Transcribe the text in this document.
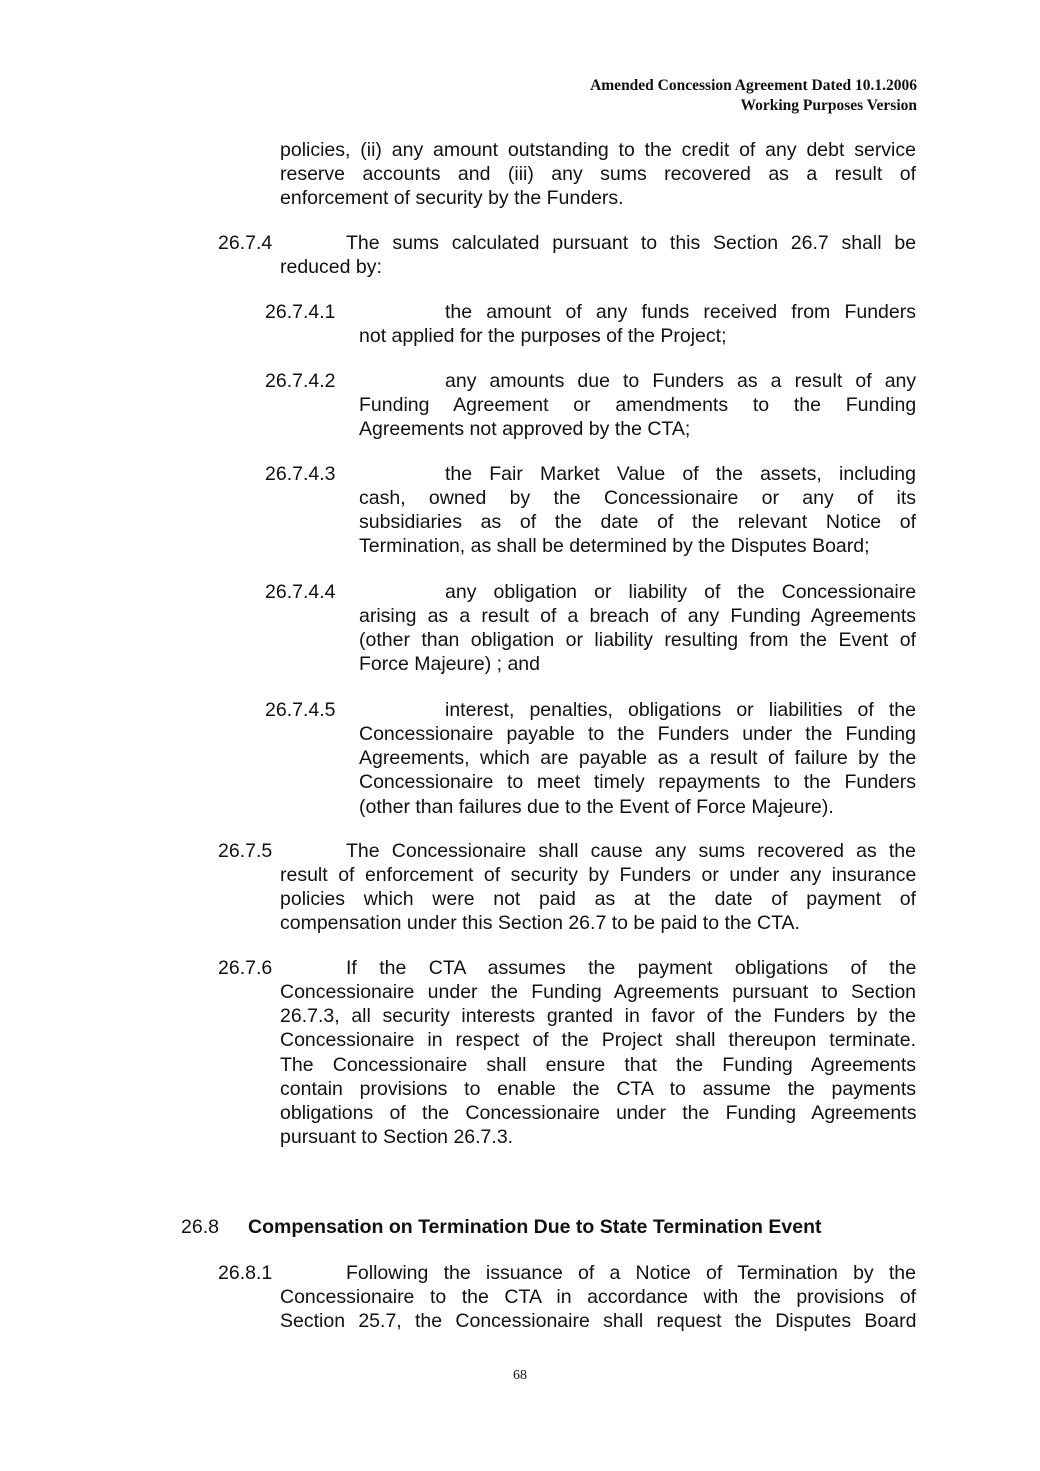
Amended Concession Agreement Dated 10.1.2006
Working Purposes Version
policies, (ii) any amount outstanding to the credit of any debt service
reserve accounts and (iii) any sums recovered as a result of
enforcement of security by the Funders.
26.7.4	The sums calculated pursuant to this Section 26.7 shall be
reduced by:
26.7.4.1	the amount of any funds received from Funders
not applied for the purposes of the Project;
26.7.4.2	any amounts due to Funders as a result of any
Funding Agreement or amendments to the Funding
Agreements not approved by the CTA;
26.7.4.3	the Fair Market Value of the assets, including
cash, owned by the Concessionaire or any of its
subsidiaries as of the date of the relevant Notice of
Termination, as shall be determined by the Disputes Board;
26.7.4.4	any obligation or liability of the Concessionaire
arising as a result of a breach of any Funding Agreements
(other than obligation or liability resulting from the Event of
Force Majeure) ; and
26.7.4.5	interest, penalties, obligations or liabilities of the
Concessionaire payable to the Funders under the Funding
Agreements, which are payable as a result of failure by the
Concessionaire to meet timely repayments to the Funders
(other than failures due to the Event of Force Majeure).
26.7.5	The Concessionaire shall cause any sums recovered as the
result of enforcement of security by Funders or under any insurance
policies which were not paid as at the date of payment of
compensation under this Section 26.7 to be paid to the CTA.
26.7.6	If the CTA assumes the payment obligations of the
Concessionaire under the Funding Agreements pursuant to Section
26.7.3, all security interests granted in favor of the Funders by the
Concessionaire in respect of the Project shall thereupon terminate.
The Concessionaire shall ensure that the Funding Agreements
contain provisions to enable the CTA to assume the payments
obligations of the Concessionaire under the Funding Agreements
pursuant to Section 26.7.3.
26.8 Compensation on Termination Due to State Termination Event
26.8.1	Following the issuance of a Notice of Termination by the
Concessionaire to the CTA in accordance with the provisions of
Section 25.7, the Concessionaire shall request the Disputes Board
68
